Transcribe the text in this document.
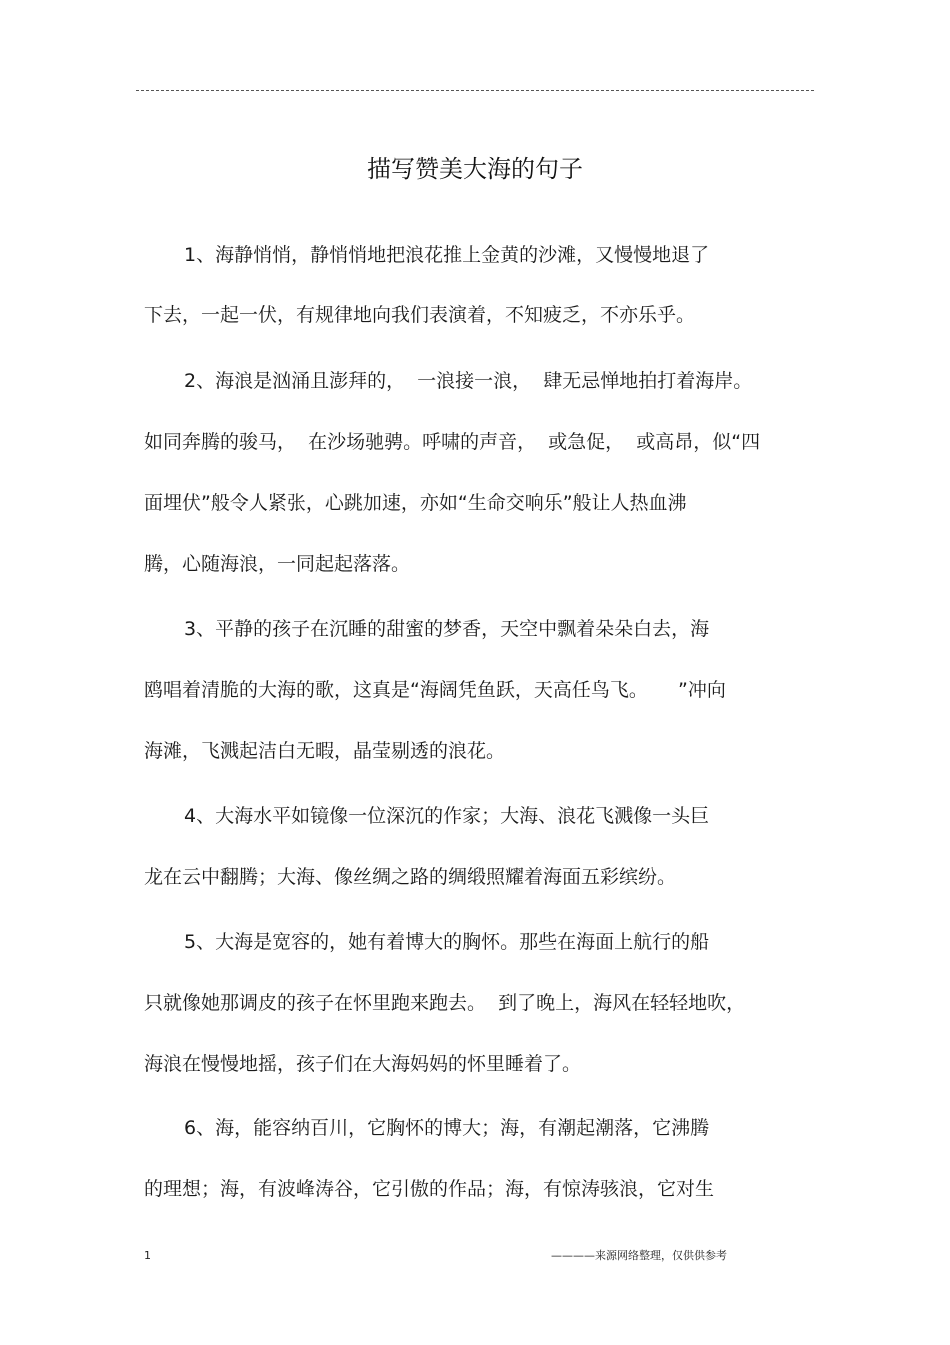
描写赞美大海的句子
1、海静悄悄，静悄悄地把浪花推上金黄的沙滩，又慢慢地退了
下去，一起一伏，有规律地向我们表演着，不知疲乏，不亦乐乎。
2、海浪是汹涌且澎拜的，  一浪接一浪，  肆无忌惮地拍打着海岸。
如同奔腾的骏马，  在沙场驰骋。呼啸的声音，  或急促，  或高昂，似“四
面埋伏”般令人紧张，心跳加速，亦如“生命交响乐”般让人热血沸
腾，心随海浪，一同起起落落。
3、平静的孩子在沉睡的甜蜜的梦香，天空中飘着朵朵白去，海
鸥唱着清脆的大海的歌，这真是“海阔凭鱼跃，天高任鸟飞。     ”冲向
海滩，飞溅起洁白无暇，晶莹剔透的浪花。
4、大海水平如镜像一位深沉的作家；大海、浪花飞溅像一头巨
龙在云中翻腾；大海、像丝绸之路的绸缎照耀着海面五彩缤纷。
5、大海是宽容的，她有着博大的胸怀。那些在海面上航行的船
只就像她那调皮的孩子在怀里跑来跑去。  到了晚上，海风在轻轻地吹，
海浪在慢慢地摇，孩子们在大海妈妈的怀里睡着了。
6、海，能容纳百川，它胸怀的博大；海，有潮起潮落，它沸腾
的理想；海，有波峰涛谷，它引傲的作品；海，有惊涛骇浪，它对生
1	————来源网络整理，仅供供参考
